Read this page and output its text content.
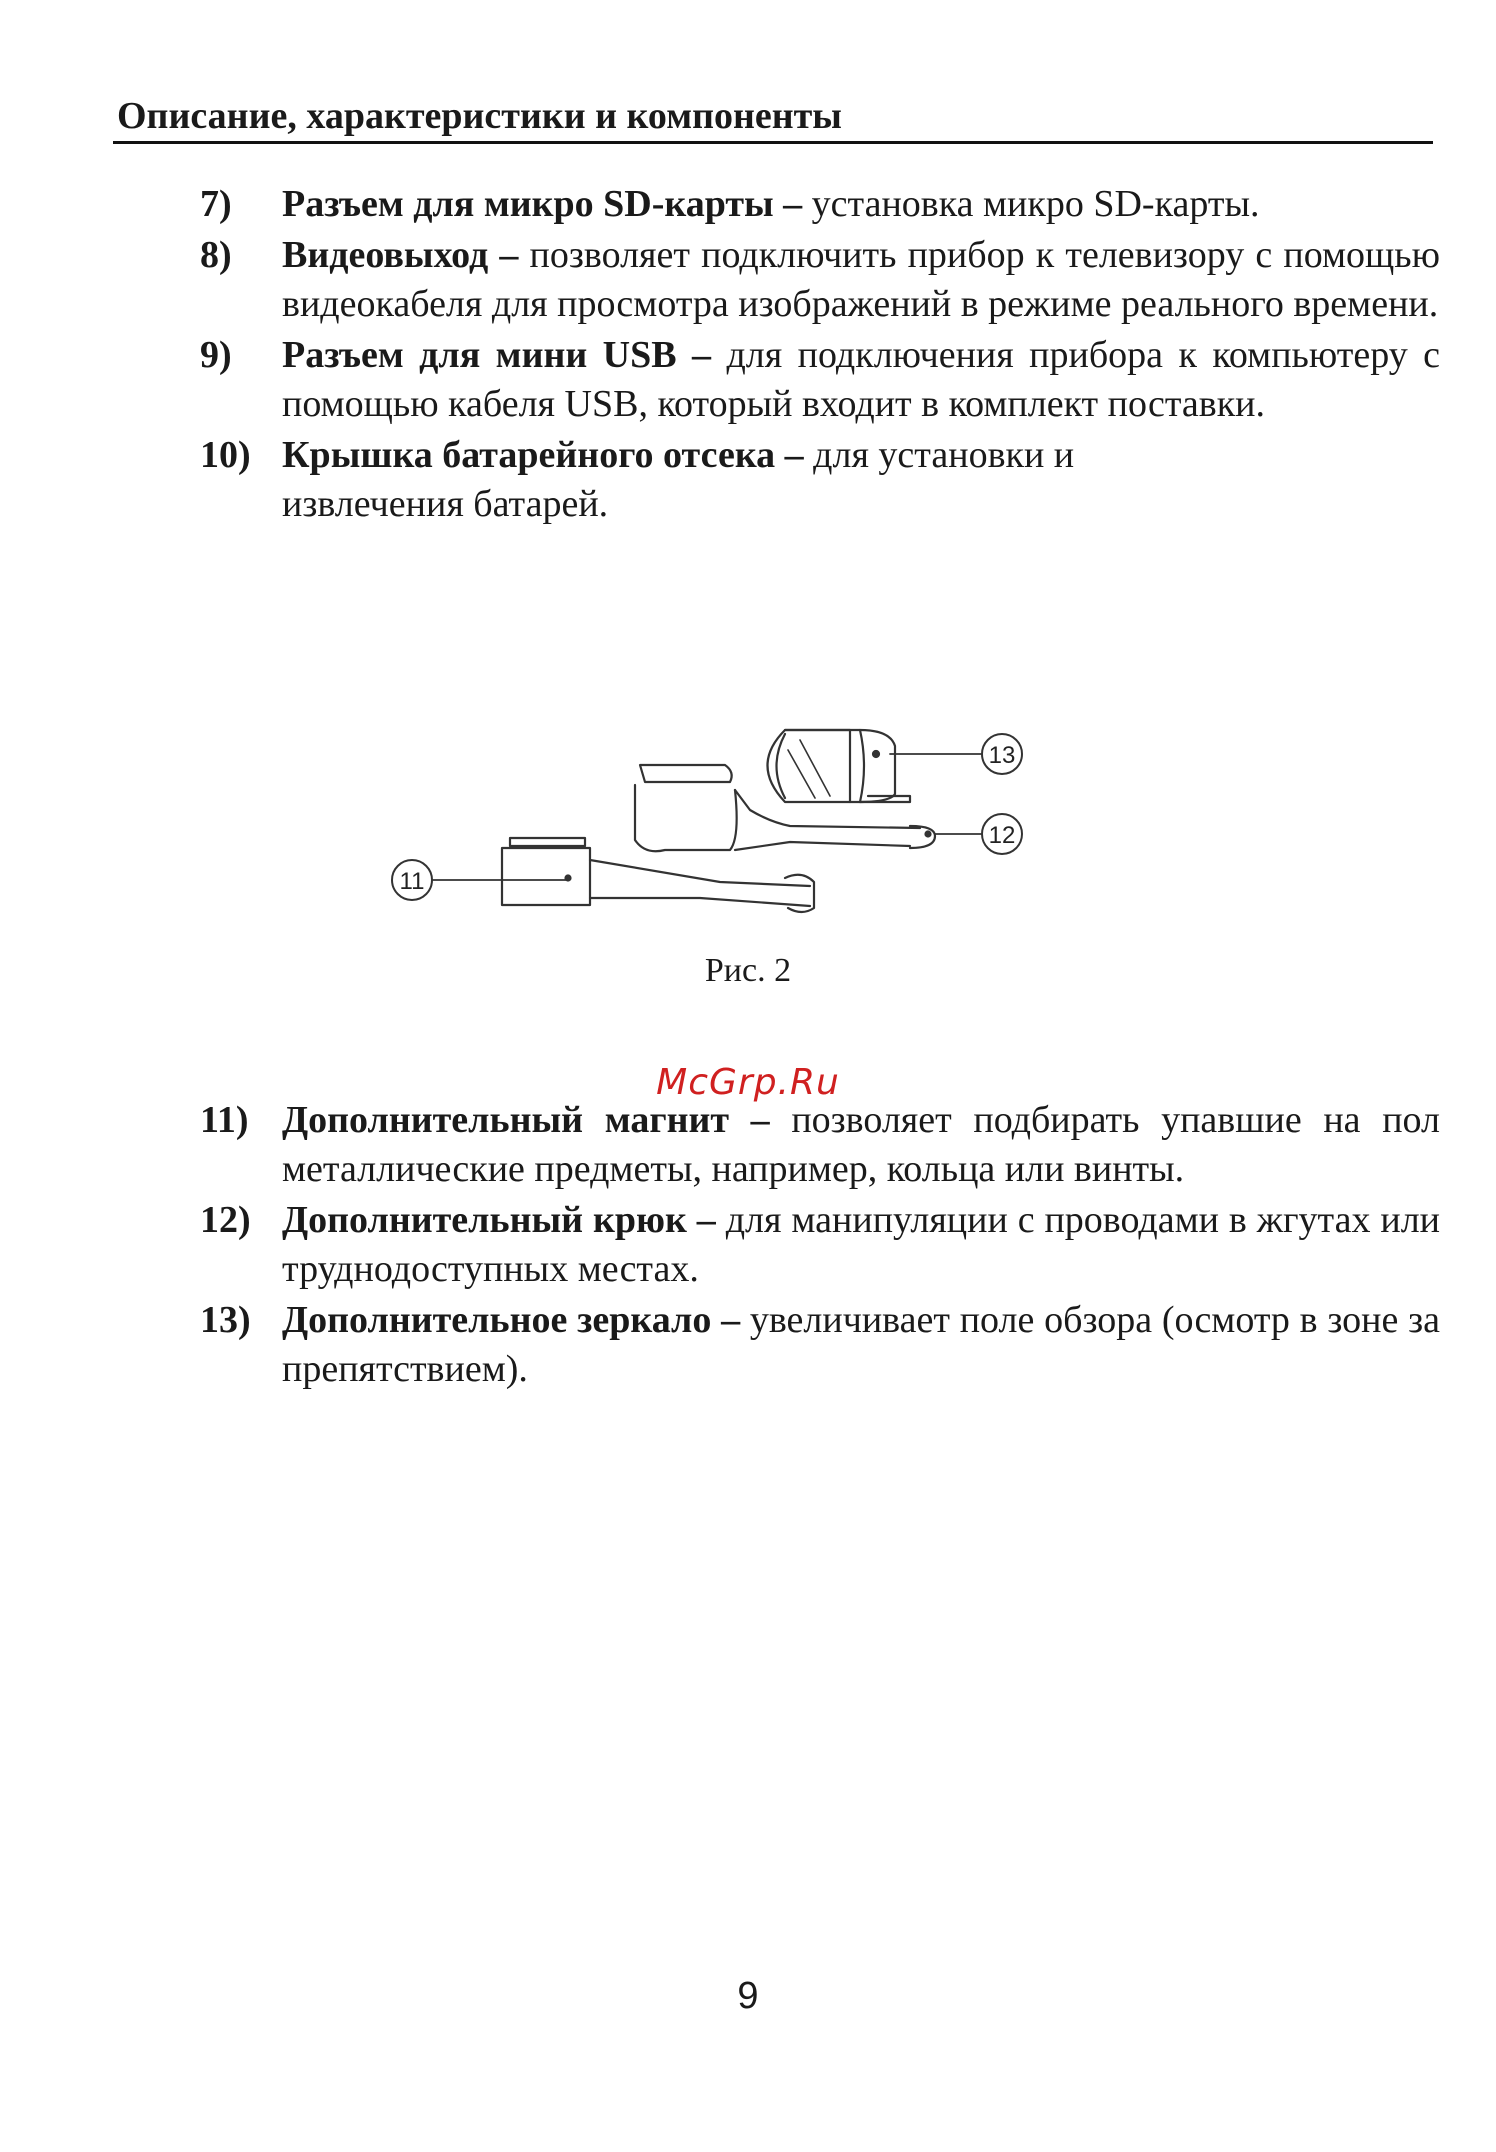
Описание, характеристики и компоненты
7) Разъем для микро SD-карты – установка микро SD-карты.
8) Видеовыход – позволяет подключить прибор к телевизору с помощью видеокабеля для просмотра изображений в режиме реального времени.
9) Разъем для мини USB – для подключения прибора к компьютеру с помощью кабеля USB, который входит в комплект поставки.
10) Крышка батарейного отсека – для установки и извлечения батарей.
13
12
11
Рис. 2
McGrp.Ru
11) Дополнительный магнит – позволяет подбирать упавшие на пол металлические предметы, например, кольца или винты.
12) Дополнительный крюк – для манипуляции с проводами в жгутах или труднодоступных местах.
13) Дополнительное зеркало – увеличивает поле обзора (осмотр в зоне за препятствием).
9
